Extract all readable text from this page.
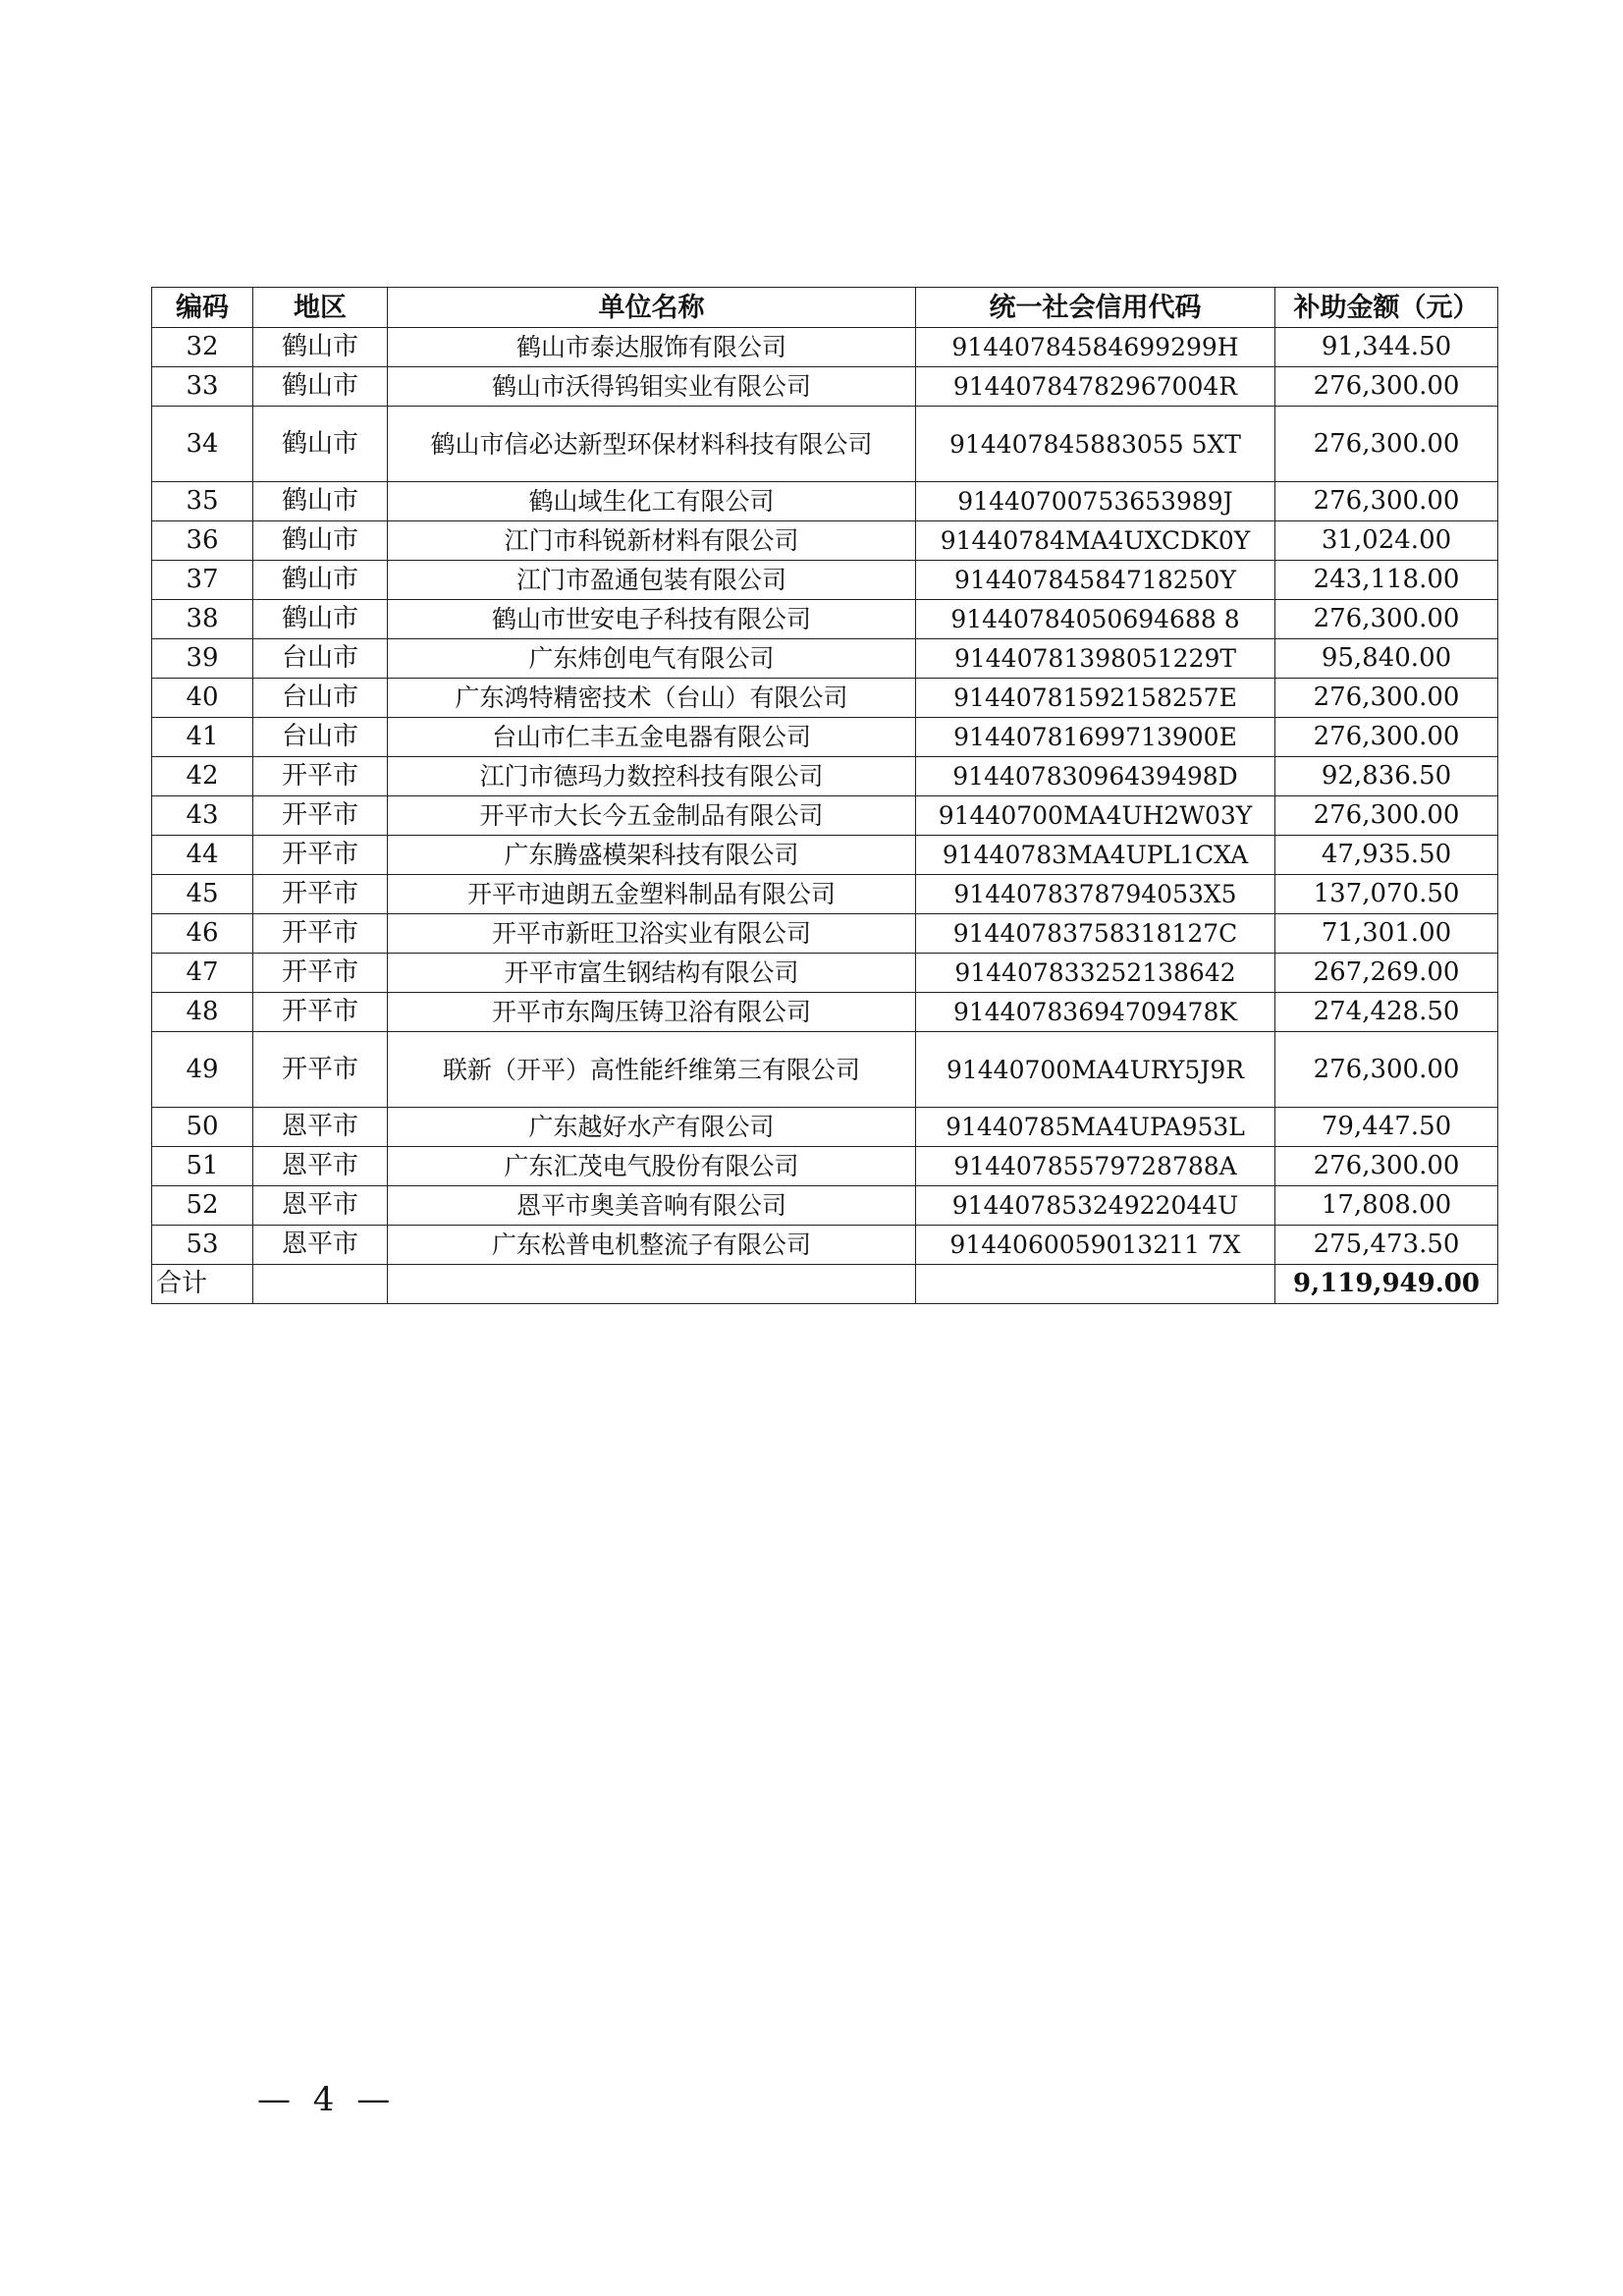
编码	地区	单位名称	统一社会信用代码	补助金额（元）
32	鹤山市	鹤山市泰达服饰有限公司	91440784584699299H	91,344.50
33	鹤山市	鹤山市沃得钨钼实业有限公司	91440784782967004R	276,300.00
34	鹤山市	鹤山市信必达新型环保材料科技有限公司	914407845883055 5XT	276,300.00
35	鹤山市	鹤山域生化工有限公司	91440700753653989J	276,300.00
36	鹤山市	江门市科锐新材料有限公司	91440784MA4UXCDK0Y	31,024.00
37	鹤山市	江门市盈通包装有限公司	91440784584718250Y	243,118.00
38	鹤山市	鹤山市世安电子科技有限公司	91440784050694688 8	276,300.00
39	台山市	广东炜创电气有限公司	91440781398051229T	95,840.00
40	台山市	广东鸿特精密技术（台山）有限公司	91440781592158257E	276,300.00
41	台山市	台山市仁丰五金电器有限公司	91440781699713900E	276,300.00
42	开平市	江门市德玛力数控科技有限公司	91440783096439498D	92,836.50
43	开平市	开平市大长今五金制品有限公司	91440700MA4UH2W03Y	276,300.00
44	开平市	广东腾盛模架科技有限公司	91440783MA4UPL1CXA	47,935.50
45	开平市	开平市迪朗五金塑料制品有限公司	9144078378794053X5	137,070.50
46	开平市	开平市新旺卫浴实业有限公司	91440783758318127C	71,301.00
47	开平市	开平市富生钢结构有限公司	914407833252138642	267,269.00
48	开平市	开平市东陶压铸卫浴有限公司	91440783694709478K	274,428.50
49	开平市	联新（开平）高性能纤维第三有限公司	91440700MA4URY5J9R	276,300.00
50	恩平市	广东越好水产有限公司	91440785MA4UPA953L	79,447.50
51	恩平市	广东汇茂电气股份有限公司	91440785579728788A	276,300.00
52	恩平市	恩平市奥美音响有限公司	91440785324922044U	17,808.00
53	恩平市	广东松普电机整流子有限公司	9144060059013211 7X	275,473.50
合计				9,119,949.00
— 4 —
